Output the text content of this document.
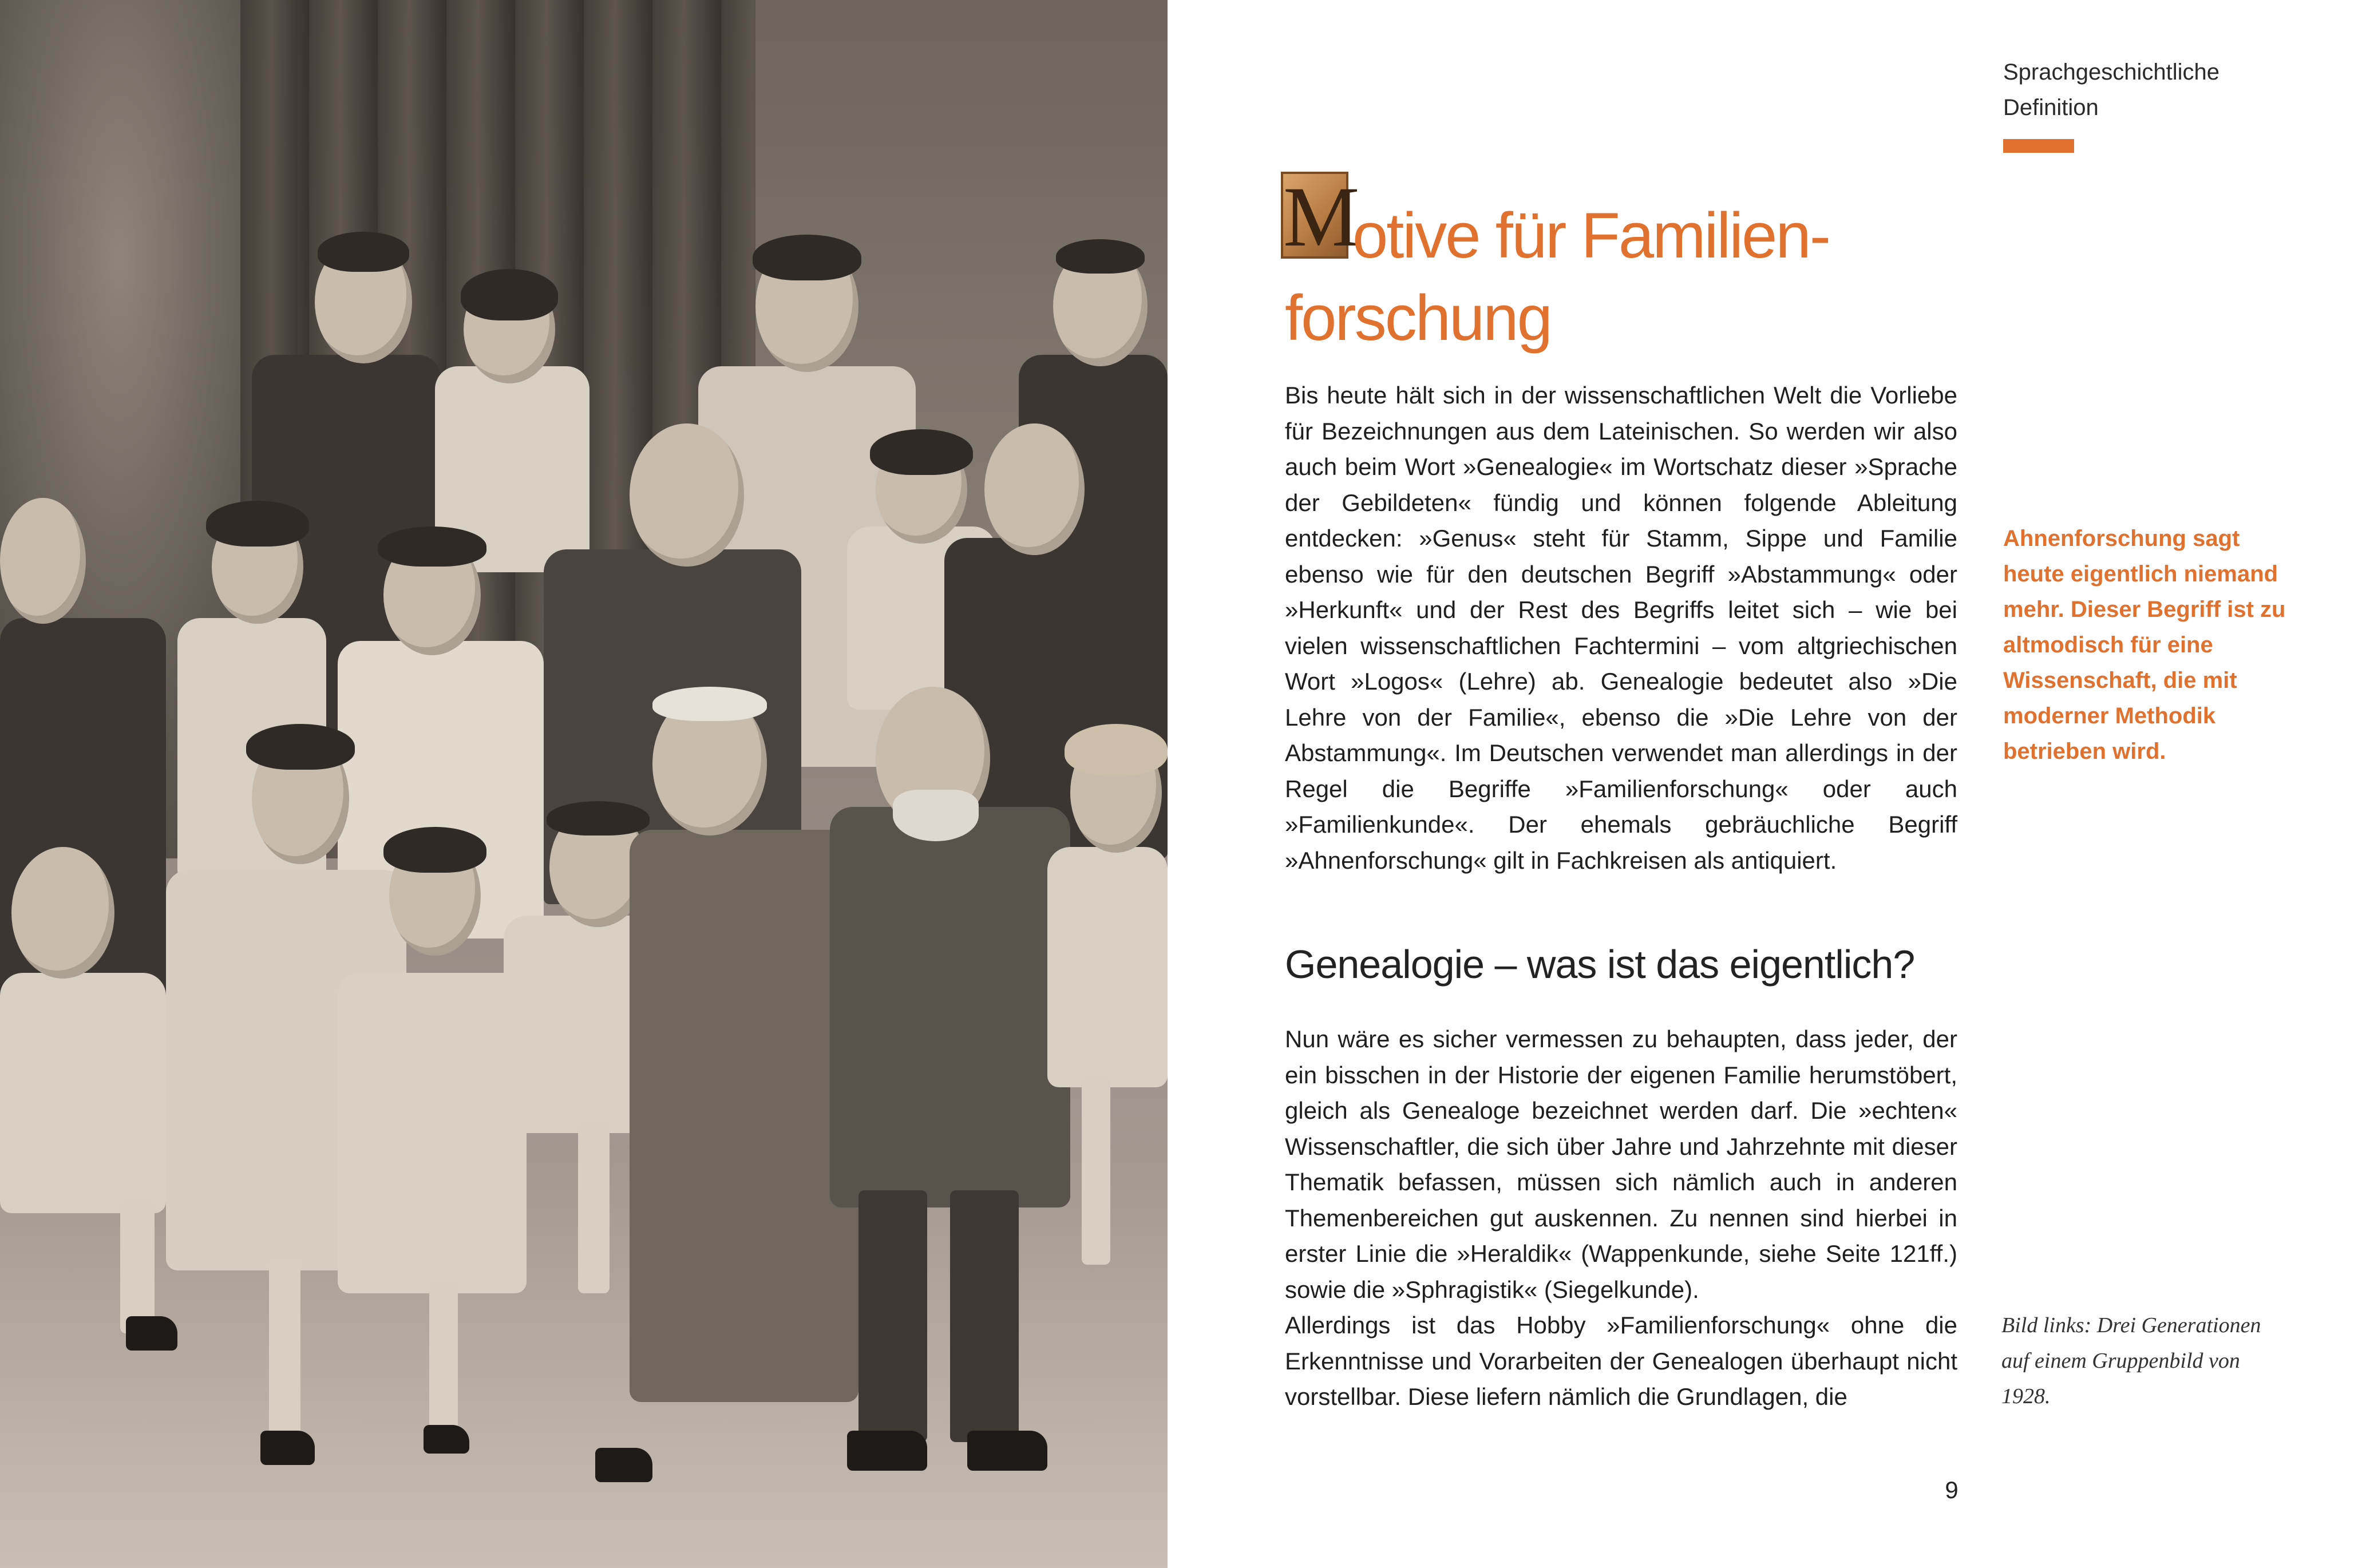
Sprachgeschichtliche
Definition
M
otive für Familien-
forschung
Bis heute hält sich in der wissenschaftlichen Welt die Vorliebe für Bezeichnungen aus dem Lateinischen. So werden wir also auch beim Wort »Genealogie« im Wortschatz dieser »Sprache der Gebildeten« fündig und können folgende Ableitung entdecken: »Genus« steht für Stamm, Sippe und Familie ebenso wie für den deutschen Begriff »Abstammung« oder »Herkunft« und der Rest des Begriffs leitet sich – wie bei vielen wissenschaftlichen Fachtermini – vom altgriechischen Wort »Logos« (Lehre) ab. Genealogie bedeutet also »Die Lehre von der Familie«, ebenso die »Die Lehre von der Abstammung«. Im Deutschen verwendet man allerdings in der Regel die Begriffe »Familienforschung« oder auch »Familienkunde«. Der ehemals gebräuchliche Begriff »Ahnenforschung« gilt in Fachkreisen als antiquiert.
Genealogie – was ist das eigentlich?
Nun wäre es sicher vermessen zu behaupten, dass jeder, der ein bisschen in der Historie der eigenen Familie herumstöbert, gleich als Genealoge bezeichnet werden darf. Die »echten« Wissenschaftler, die sich über Jahre und Jahrzehnte mit dieser Thematik befassen, müssen sich nämlich auch in anderen Themenbereichen gut auskennen. Zu nennen sind hierbei in erster Linie die »Heraldik« (Wappenkunde, siehe Seite 121ff.) sowie die »Sphragistik« (Siegelkunde).
Allerdings ist das Hobby »Familienforschung« ohne die Erkenntnisse und Vorarbeiten der Genealogen überhaupt nicht vorstellbar. Diese liefern nämlich die Grundlagen, die
Ahnenforschung sagt heute eigentlich niemand mehr. Dieser Begriff ist zu altmodisch für eine Wissenschaft, die mit moderner Methodik betrieben wird.
Bild links: Drei Generationen auf einem Gruppenbild von 1928.
9
